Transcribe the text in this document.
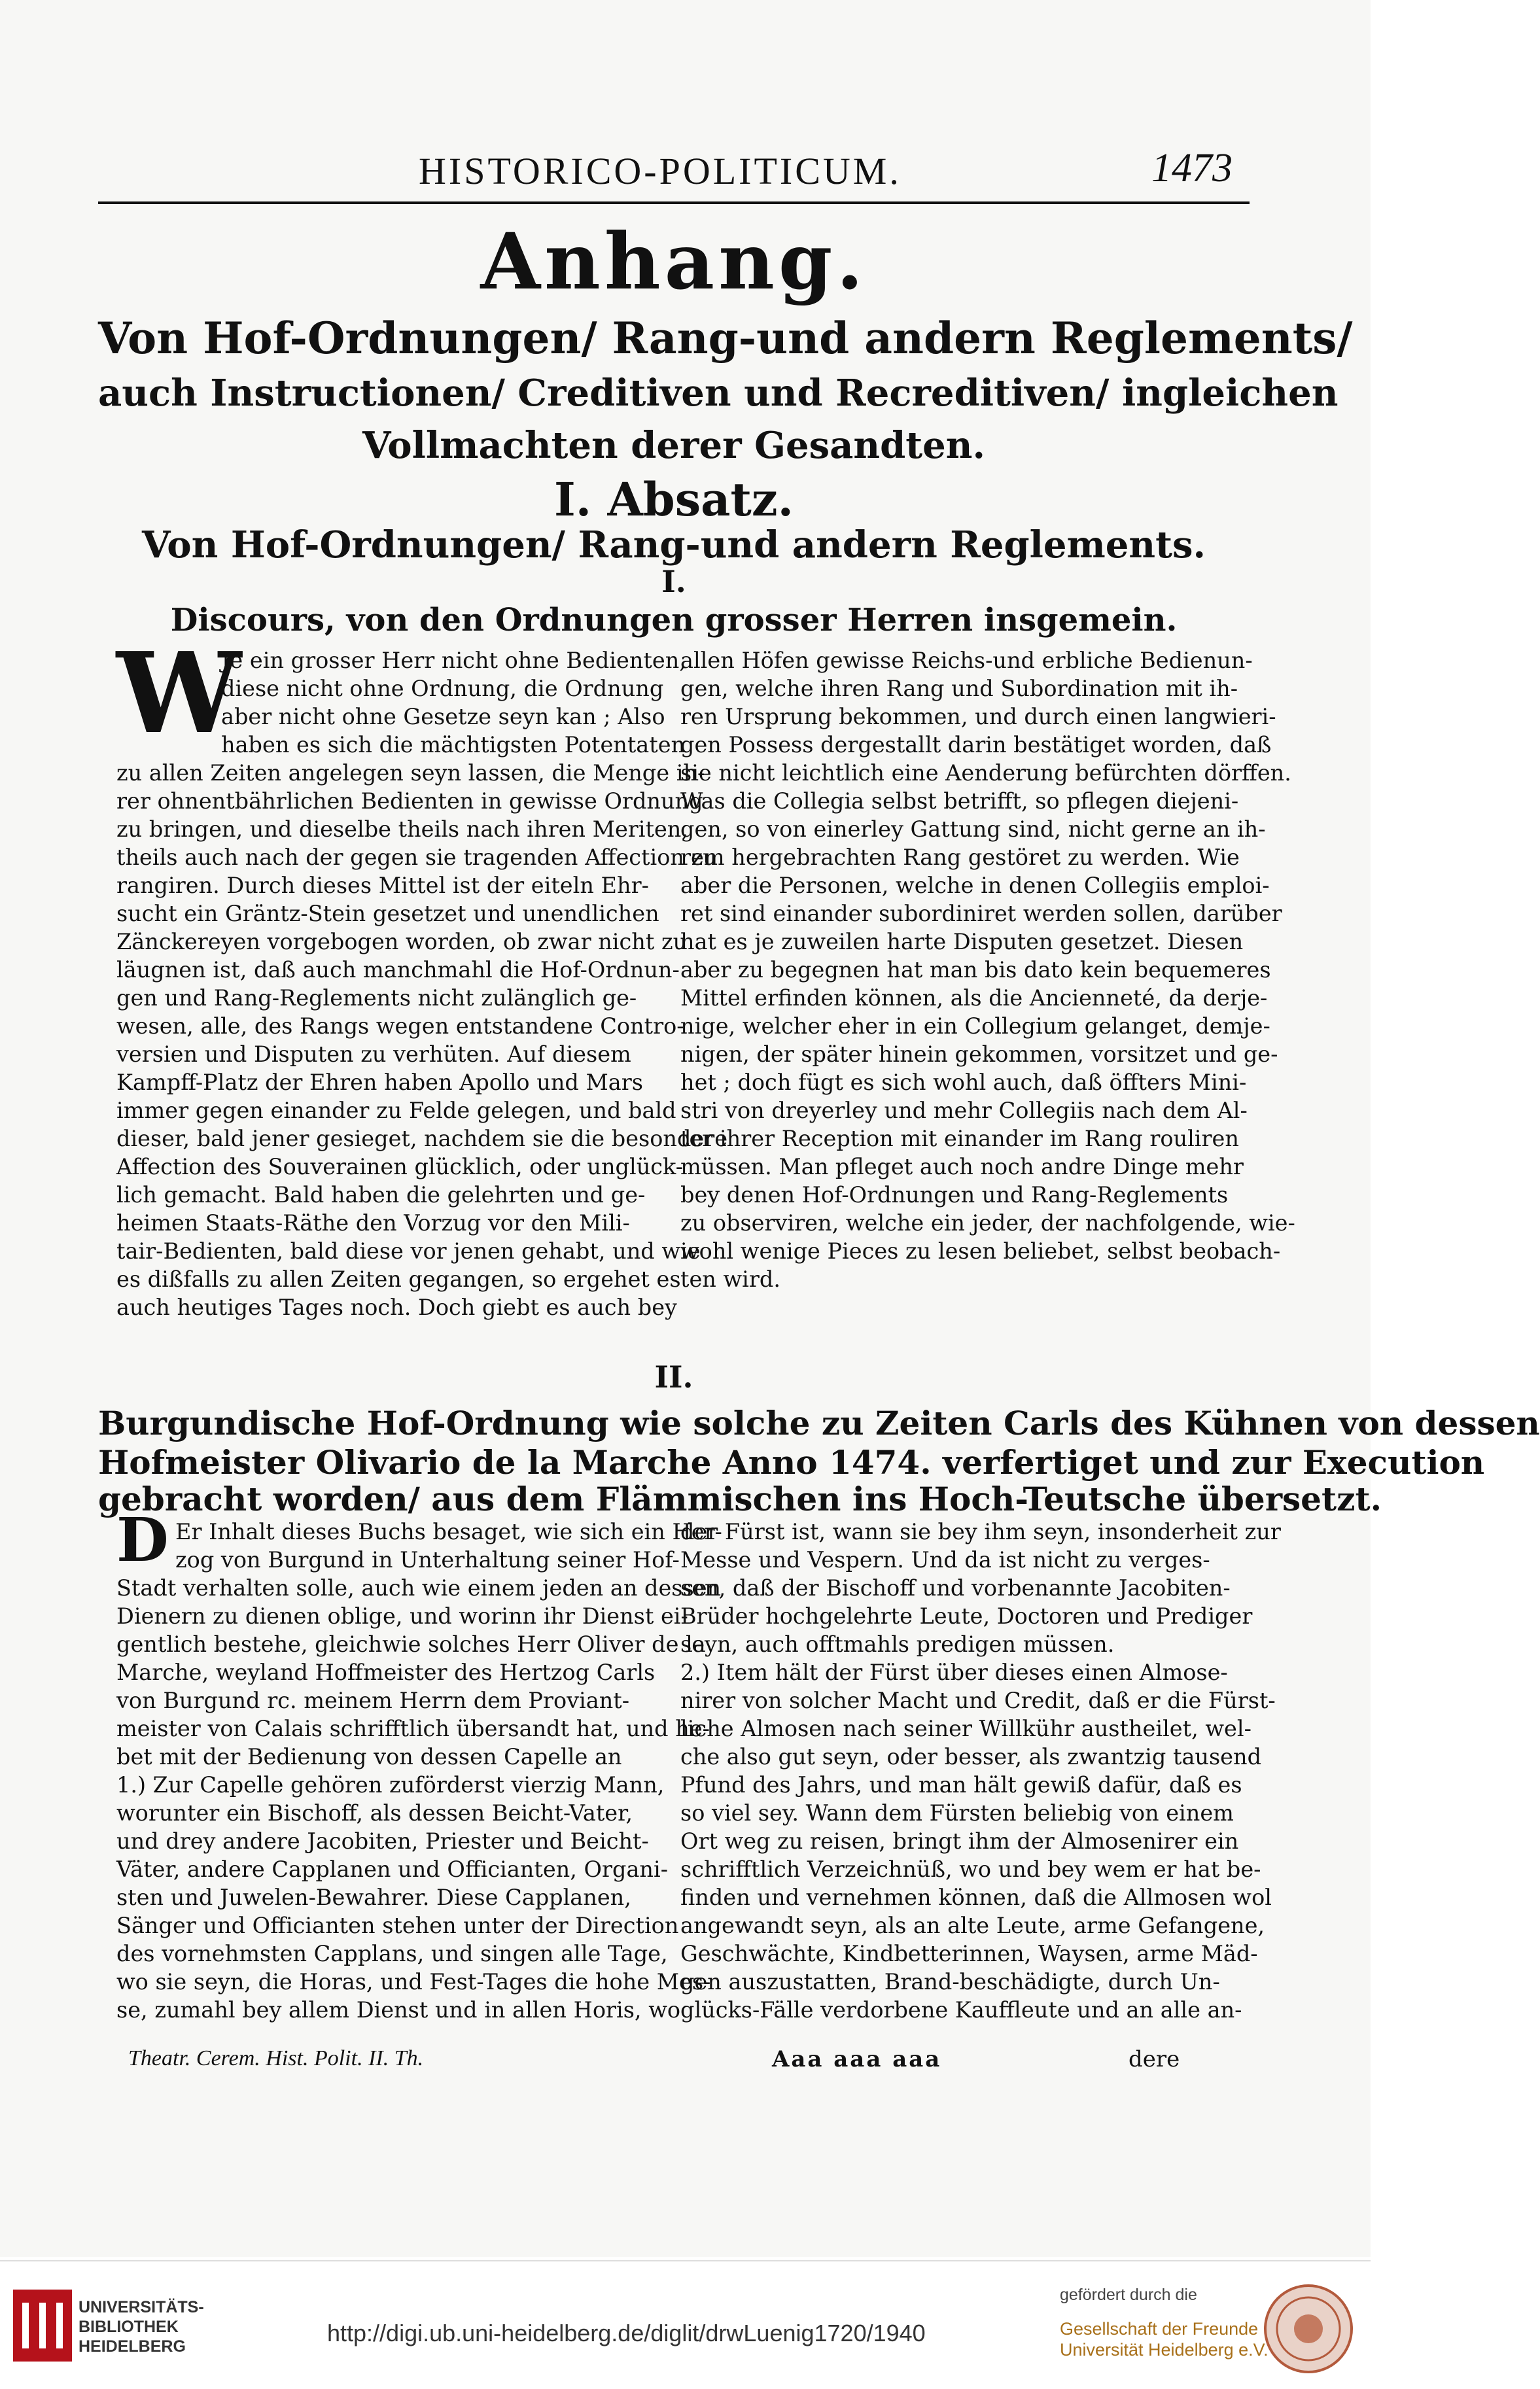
HISTORICO-POLITICUM.	1473
Anhang.
Von Hof-Ordnungen/ Rang-und andern Reglements/
auch Instructionen/ Creditiven und Recreditiven/ ingleichen
Vollmachten derer Gesandten.
I. Absatz.
Von Hof-Ordnungen/ Rang-und andern Reglements.
I.
Discours, von den Ordnungen grosser Herren insgemein.
W
Je ein grosser Herr nicht ohne Bedienten,
diese nicht ohne Ordnung, die Ordnung
aber nicht ohne Gesetze seyn kan ; Also
haben es sich die mächtigsten Potentaten
zu allen Zeiten angelegen seyn lassen, die Menge ih-
rer ohnentbährlichen Bedienten in gewisse Ordnung
zu bringen, und dieselbe theils nach ihren Meriten,
theils auch nach der gegen sie tragenden Affection zu
rangiren. Durch dieses Mittel ist der eiteln Ehr-
sucht ein Gräntz-Stein gesetzet und unendlichen
Zänckereyen vorgebogen worden, ob zwar nicht zu
läugnen ist, daß auch manchmahl die Hof-Ordnun-
gen und Rang-Reglements nicht zulänglich ge-
wesen, alle, des Rangs wegen entstandene Contro-
versien und Disputen zu verhüten. Auf diesem
Kampff-Platz der Ehren haben Apollo und Mars
immer gegen einander zu Felde gelegen, und bald
dieser, bald jener gesieget, nachdem sie die besondere
Affection des Souverainen glücklich, oder unglück-
lich gemacht. Bald haben die gelehrten und ge-
heimen Staats-Räthe den Vorzug vor den Mili-
tair-Bedienten, bald diese vor jenen gehabt, und wie
es dißfalls zu allen Zeiten gegangen, so ergehet es
auch heutiges Tages noch. Doch giebt es auch bey
allen Höfen gewisse Reichs-und erbliche Bedienun-
gen, welche ihren Rang und Subordination mit ih-
ren Ursprung bekommen, und durch einen langwieri-
gen Possess dergestallt darin bestätiget worden, daß
sie nicht leichtlich eine Aenderung befürchten dörffen.
Was die Collegia selbst betrifft, so pflegen diejeni-
gen, so von einerley Gattung sind, nicht gerne an ih-
rem hergebrachten Rang gestöret zu werden. Wie
aber die Personen, welche in denen Collegiis emploi-
ret sind einander subordiniret werden sollen, darüber
hat es je zuweilen harte Disputen gesetzet. Diesen
aber zu begegnen hat man bis dato kein bequemeres
Mittel erfinden können, als die Ancienneté, da derje-
nige, welcher eher in ein Collegium gelanget, demje-
nigen, der später hinein gekommen, vorsitzet und ge-
het ; doch fügt es sich wohl auch, daß öffters Mini-
stri von dreyerley und mehr Collegiis nach dem Al-
ter ihrer Reception mit einander im Rang rouliren
müssen. Man pfleget auch noch andre Dinge mehr
bey denen Hof-Ordnungen und Rang-Reglements
zu observiren, welche ein jeder, der nachfolgende, wie-
wohl wenige Pieces zu lesen beliebet, selbst beobach-
ten wird.
II.
Burgundische Hof-Ordnung wie solche zu Zeiten Carls des Kühnen von dessen
Hofmeister Olivario de la Marche Anno 1474. verfertiget und zur Execution
gebracht worden/ aus dem Flämmischen ins Hoch-Teutsche übersetzt.
D Er Inhalt dieses Buchs besaget, wie sich ein Her-
zog von Burgund in Unterhaltung seiner Hof-
Stadt verhalten solle, auch wie einem jeden an dessen
Dienern zu dienen oblige, und worinn ihr Dienst ei-
gentlich bestehe, gleichwie solches Herr Oliver de la
Marche, weyland Hoffmeister des Hertzog Carls
von Burgund rc. meinem Herrn dem Proviant-
meister von Calais schrifftlich übersandt hat, und he-
bet mit der Bedienung von dessen Capelle an
1.) Zur Capelle gehören zuförderst vierzig Mann,
worunter ein Bischoff, als dessen Beicht-Vater,
und drey andere Jacobiten, Priester und Beicht-
Väter, andere Capplanen und Officianten, Organi-
sten und Juwelen-Bewahrer. Diese Capplanen,
Sänger und Officianten stehen unter der Direction
des vornehmsten Capplans, und singen alle Tage,
wo sie seyn, die Horas, und Fest-Tages die hohe Mes-
se, zumahl bey allem Dienst und in allen Horis, wo
der Fürst ist, wann sie bey ihm seyn, insonderheit zur
Messe und Vespern. Und da ist nicht zu verges-
sen, daß der Bischoff und vorbenannte Jacobiten-
Brüder hochgelehrte Leute, Doctoren und Prediger
seyn, auch offtmahls predigen müssen.
2.) Item hält der Fürst über dieses einen Almose-
nirer von solcher Macht und Credit, daß er die Fürst-
liche Almosen nach seiner Willkühr austheilet, wel-
che also gut seyn, oder besser, als zwantzig tausend
Pfund des Jahrs, und man hält gewiß dafür, daß es
so viel sey. Wann dem Fürsten beliebig von einem
Ort weg zu reisen, bringt ihm der Almosenirer ein
schrifftlich Verzeichnüß, wo und bey wem er hat be-
finden und vernehmen können, daß die Allmosen wol
angewandt seyn, als an alte Leute, arme Gefangene,
Geschwächte, Kindbetterinnen, Waysen, arme Mäd-
gen auszustatten, Brand-beschädigte, durch Un-
glücks-Fälle verdorbene Kauffleute und an alle an-
Theatr. Cerem. Hist. Polit. II. Th.	Aaa aaa aaa	dere
UNIVERSITÄTS-
BIBLIOTHEK
HEIDELBERG	http://digi.ub.uni-heidelberg.de/diglit/drwLuenig1720/1940
gefördert durch die
Gesellschaft der Freunde
Universität Heidelberg e.V.
